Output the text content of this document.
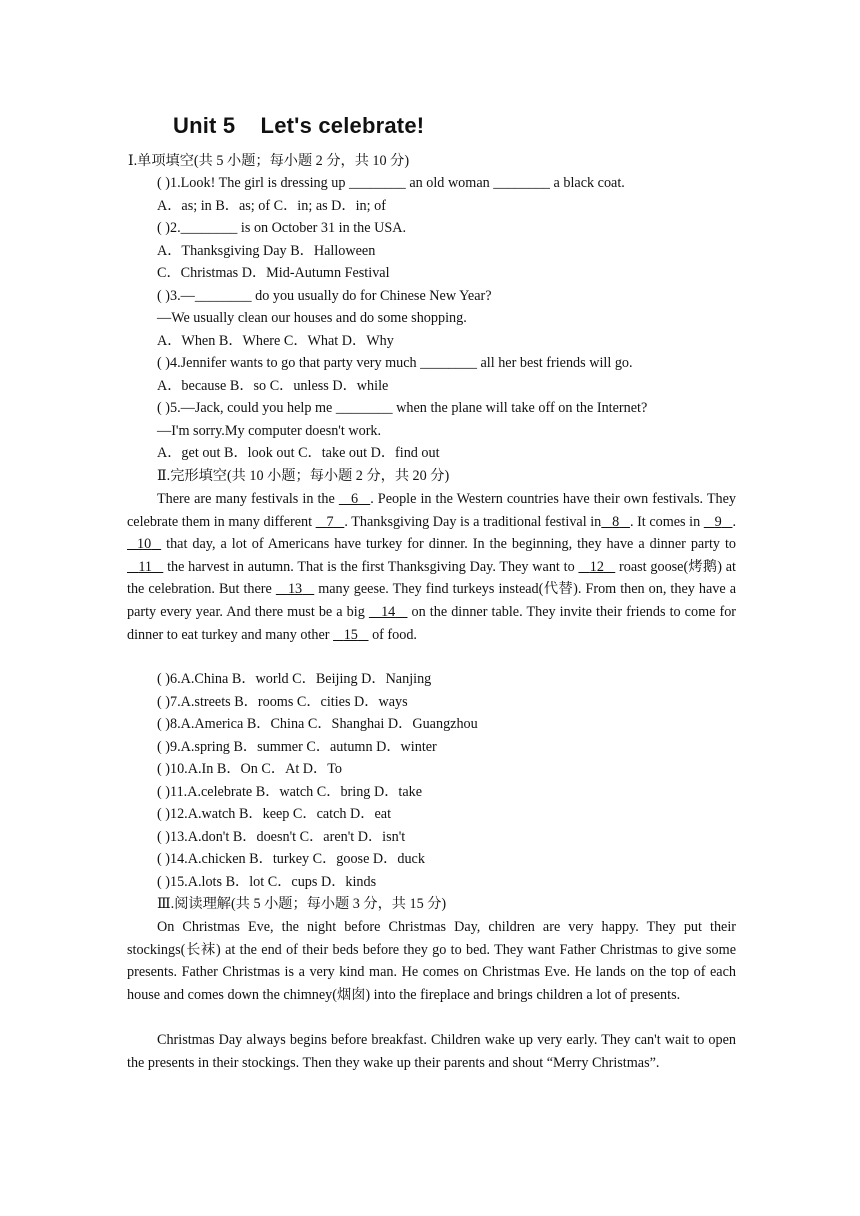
Unit 5    Let's celebrate!
Ⅰ.单项填空(共 5 小题；每小题 2 分，共 10 分)
( )1.Look! The girl is dressing up ________ an old woman ________ a black coat.
A．as; in B．as; of C．in; as D．in; of
( )2.________ is on October 31 in the USA.
A．Thanksgiving Day B．Halloween
C．Christmas D．Mid-Autumn Festival
( )3.—________ do you usually do for Chinese New Year?
—We usually clean our houses and do some shopping.
A．When B．Where C．What D．Why
( )4.Jennifer wants to go that party very much ________ all her best friends will go.
A．because B．so C．unless D．while
( )5.—Jack, could you help me ________ when the plane will take off on the Internet?
—I'm sorry.My computer doesn't work.
A．get out B．look out C．take out D．find out
Ⅱ.完形填空(共 10 小题；每小题 2 分，共 20 分)
There are many festivals in the    6 . People in the Western countries have their own festivals. They celebrate them in many different    7 . Thanksgiving Day is a traditional festival in 8 . It comes in    9 .   10   that day, a lot of Americans have turkey for dinner. In the beginning, they have a dinner party to    11    the harvest in autumn. That is the first Thanksgiving Day. They want to    12    roast goose(烤鹅) at the celebration. But there    13    many geese. They find turkeys instead(代替). From then on, they have a party every year. And there must be a big    14    on the dinner table. They invite their friends to come for dinner to eat turkey and many other    15    of food.
( )6.A.China B．world C．Beijing D．Nanjing
( )7.A.streets B．rooms C．cities D．ways
( )8.A.America B．China C．Shanghai D．Guangzhou
( )9.A.spring B．summer C．autumn D．winter
( )10.A.In B．On C．At D．To
( )11.A.celebrate B．watch C．bring D．take
( )12.A.watch B．keep C．catch D．eat
( )13.A.don't B．doesn't C．aren't D．isn't
( )14.A.chicken B．turkey C．goose D．duck
( )15.A.lots B．lot C．cups D．kinds
Ⅲ.阅读理解(共 5 小题；每小题 3 分，共 15 分)
On Christmas Eve, the night before Christmas Day, children are very happy. They put their stockings(长袜) at the end of their beds before they go to bed. They want Father Christmas to give some presents. Father Christmas is a very kind man. He comes on Christmas Eve. He lands on the top of each house and comes down the chimney(烟囱) into the fireplace and brings children a lot of presents.
Christmas Day always begins before breakfast. Children wake up very early. They can't wait to open the presents in their stockings. Then they wake up their parents and shout “Merry Christmas”.
